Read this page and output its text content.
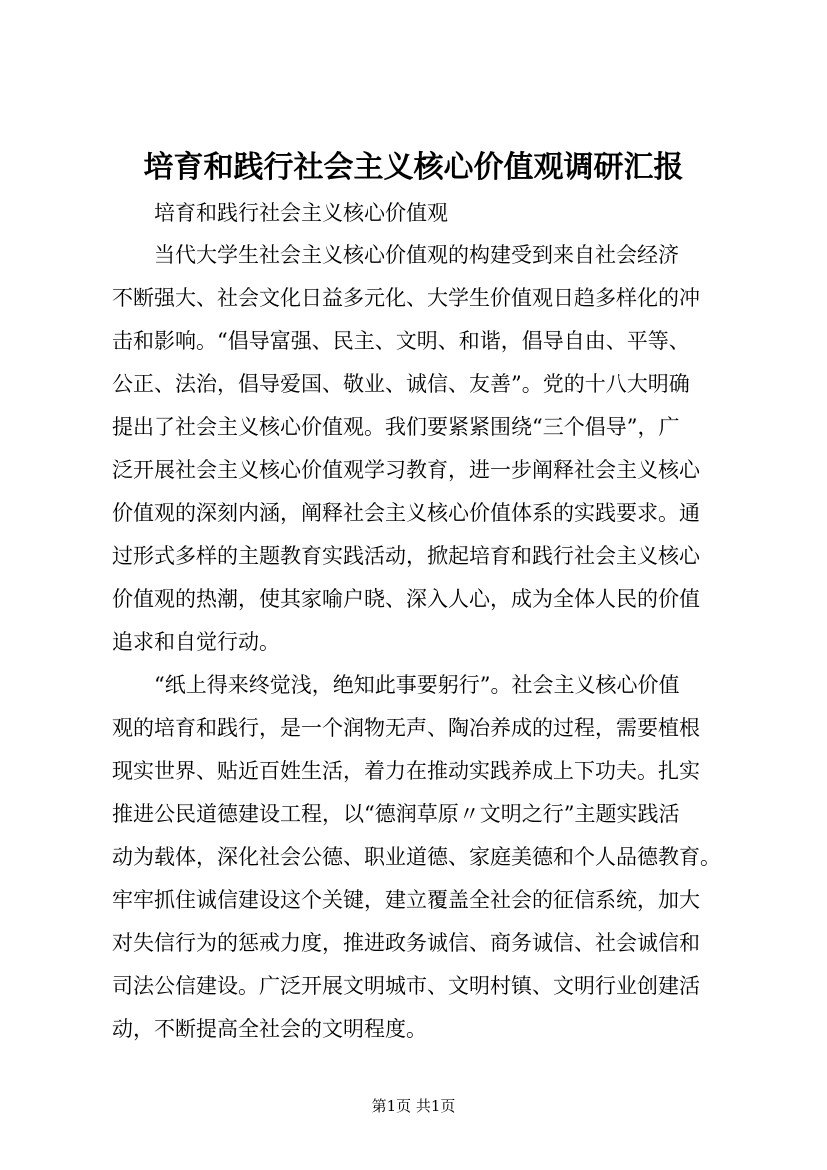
培育和践行社会主义核心价值观调研汇报
培育和践行社会主义核心价值观
当代大学生社会主义核心价值观的构建受到来自社会经济
不断强大、社会文化日益多元化、大学生价值观日趋多样化的冲
击和影响。“倡导富强、民主、文明、和谐，倡导自由、平等、
公正、法治，倡导爱国、敬业、诚信、友善”。党的十八大明确
提出了社会主义核心价值观。我们要紧紧围绕“三个倡导”，广
泛开展社会主义核心价值观学习教育，进一步阐释社会主义核心
价值观的深刻内涵，阐释社会主义核心价值体系的实践要求。通
过形式多样的主题教育实践活动，掀起培育和践行社会主义核心
价值观的热潮，使其家喻户晓、深入人心，成为全体人民的价值
追求和自觉行动。
“纸上得来终觉浅，绝知此事要躬行”。社会主义核心价值
观的培育和践行，是一个润物无声、陶冶养成的过程，需要植根
现实世界、贴近百姓生活，着力在推动实践养成上下功夫。扎实
推进公民道德建设工程，以“德润草原〃文明之行”主题实践活
动为载体，深化社会公德、职业道德、家庭美德和个人品德教育。
牢牢抓住诚信建设这个关键，建立覆盖全社会的征信系统，加大
对失信行为的惩戒力度，推进政务诚信、商务诚信、社会诚信和
司法公信建设。广泛开展文明城市、文明村镇、文明行业创建活
动，不断提高全社会的文明程度。
第1页 共1页
